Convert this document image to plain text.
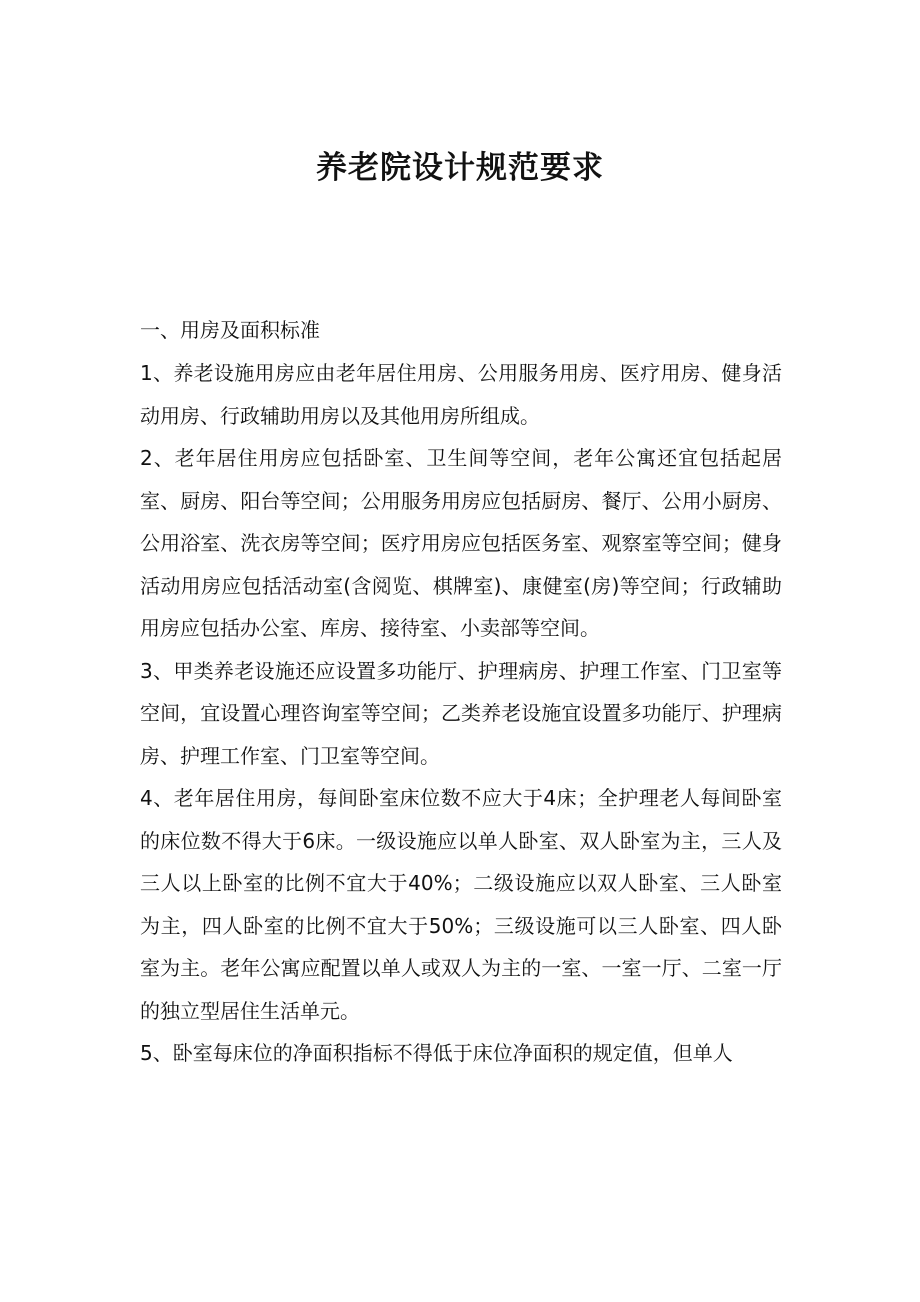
养老院设计规范要求
一、用房及面积标准

1、养老设施用房应由老年居住用房、公用服务用房、医疗用房、健身活动用房、行政辅助用房以及其他用房所组成。

2、老年居住用房应包括卧室、卫生间等空间，老年公寓还宜包括起居室、厨房、阳台等空间；公用服务用房应包括厨房、餐厅、公用小厨房、公用浴室、洗衣房等空间；医疗用房应包括医务室、观察室等空间；健身活动用房应包括活动室(含阅览、棋牌室)、康健室(房)等空间；行政辅助用房应包括办公室、库房、接待室、小卖部等空间。

3、甲类养老设施还应设置多功能厅、护理病房、护理工作室、门卫室等空间，宜设置心理咨询室等空间；乙类养老设施宜设置多功能厅、护理病房、护理工作室、门卫室等空间。

4、老年居住用房，每间卧室床位数不应大于4床；全护理老人每间卧室的床位数不得大于6床。一级设施应以单人卧室、双人卧室为主，三人及三人以上卧室的比例不宜大于40%；二级设施应以双人卧室、三人卧室为主，四人卧室的比例不宜大于50%；三级设施可以三人卧室、四人卧室为主。老年公寓应配置以单人或双人为主的一室、一室一厅、二室一厅的独立型居住生活单元。

5、卧室每床位的净面积指标不得低于床位净面积的规定值，但单人
